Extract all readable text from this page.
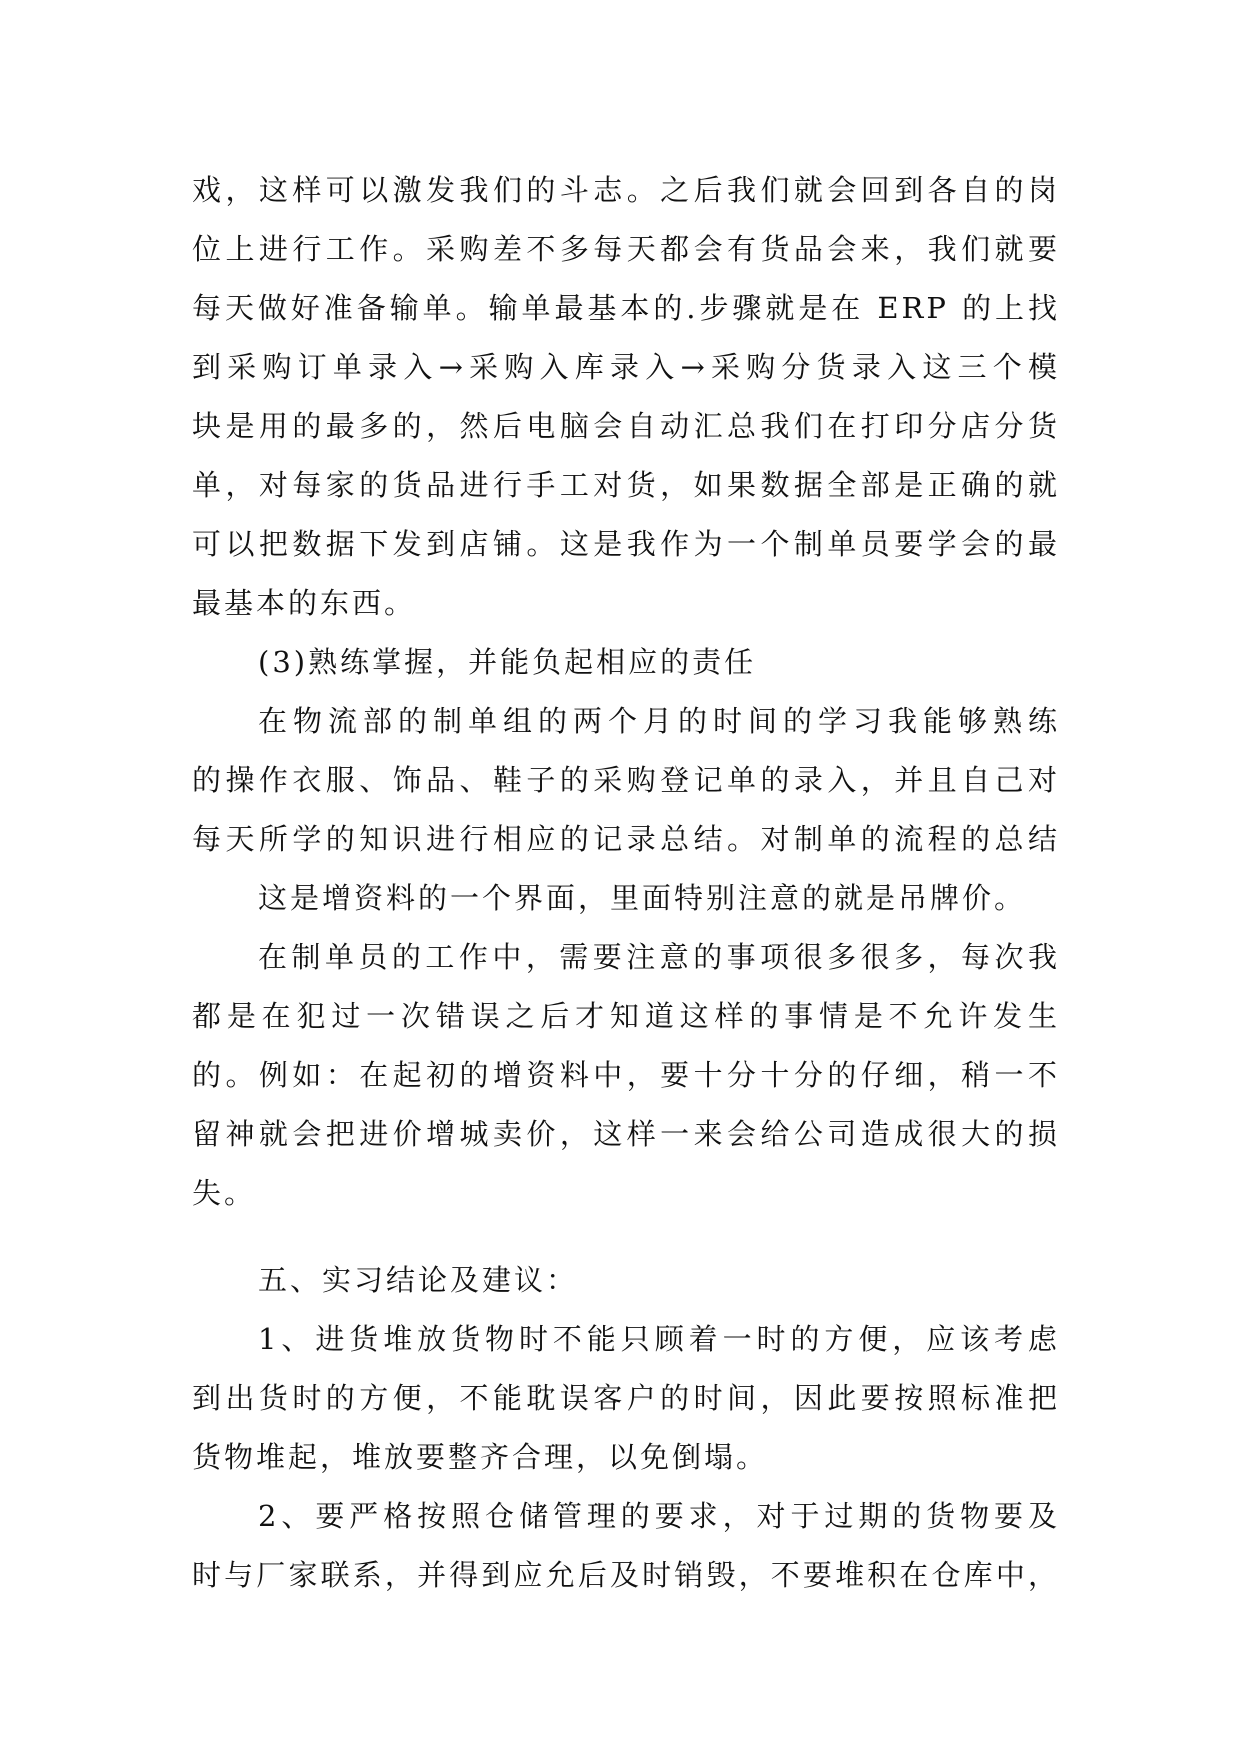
戏，这样可以激发我们的斗志。之后我们就会回到各自的岗
位上进行工作。采购差不多每天都会有货品会来，我们就要
每天做好准备输单。输单最基本的.步骤就是在 ERP 的上找
到采购订单录入→采购入库录入→采购分货录入这三个模
块是用的最多的，然后电脑会自动汇总我们在打印分店分货
单，对每家的货品进行手工对货，如果数据全部是正确的就
可以把数据下发到店铺。这是我作为一个制单员要学会的最
最基本的东西。
(3)熟练掌握，并能负起相应的责任
在物流部的制单组的两个月的时间的学习我能够熟练
的操作衣服、饰品、鞋子的采购登记单的录入，并且自己对
每天所学的知识进行相应的记录总结。对制单的流程的总结
这是增资料的一个界面，里面特别注意的就是吊牌价。
在制单员的工作中，需要注意的事项很多很多，每次我
都是在犯过一次错误之后才知道这样的事情是不允许发生
的。例如：在起初的增资料中，要十分十分的仔细，稍一不
留神就会把进价增城卖价，这样一来会给公司造成很大的损
失。
五、实习结论及建议：
1、进货堆放货物时不能只顾着一时的方便，应该考虑
到出货时的方便，不能耽误客户的时间，因此要按照标准把
货物堆起，堆放要整齐合理，以免倒塌。
2、要严格按照仓储管理的要求，对于过期的货物要及
时与厂家联系，并得到应允后及时销毁，不要堆积在仓库中，
